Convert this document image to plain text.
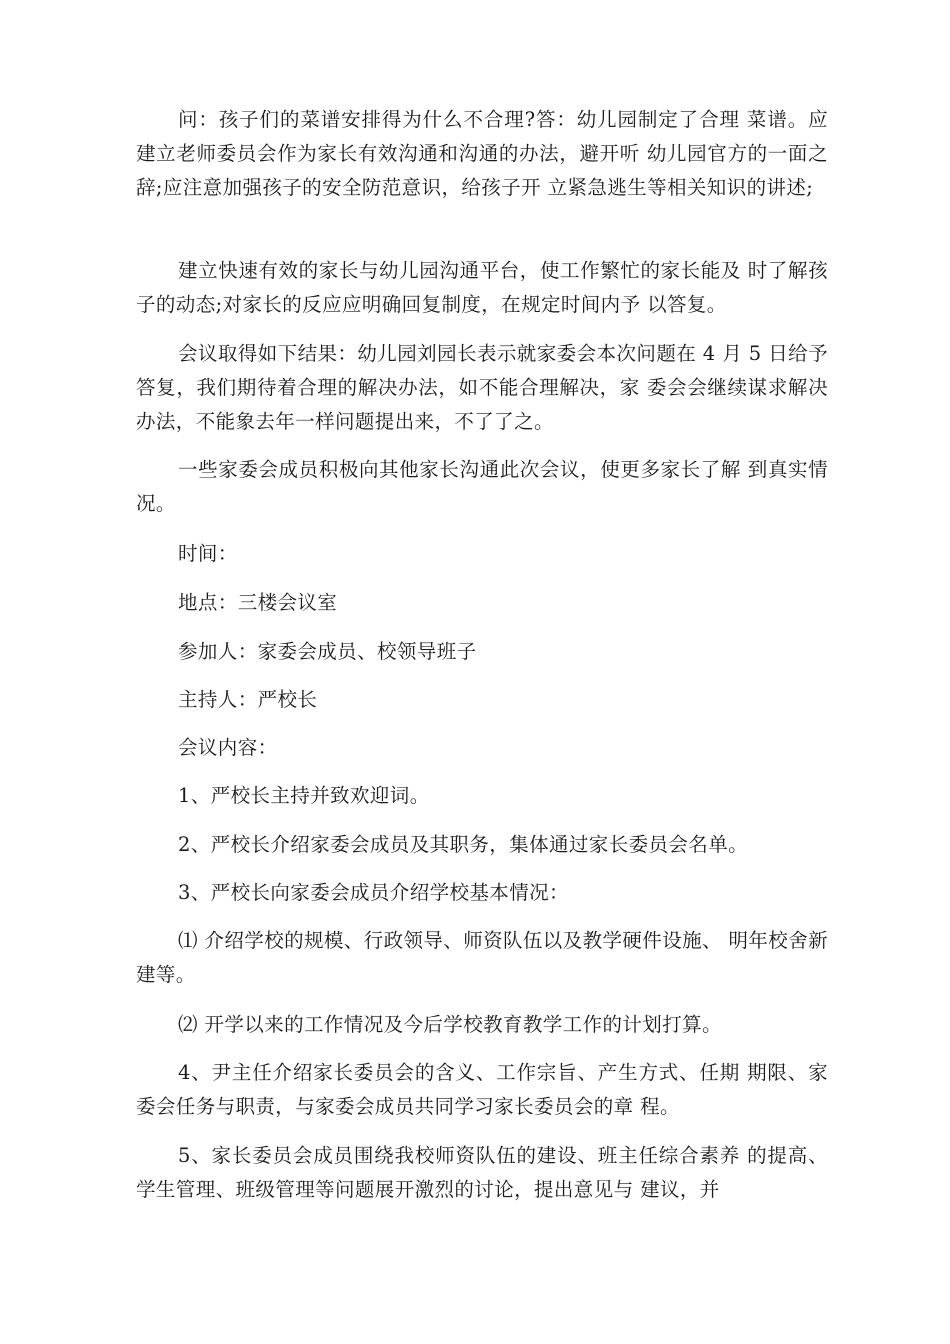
问：孩子们的菜谱安排得为什么不合理?答：幼儿园制定了合理 菜谱。应建立老师委员会作为家长有效沟通和沟通的办法，避开听 幼儿园官方的一面之辞;应注意加强孩子的安全防范意识，给孩子开 立紧急逃生等相关知识的讲述;

建立快速有效的家长与幼儿园沟通平台，使工作繁忙的家长能及 时了解孩子的动态;对家长的反应应明确回复制度，在规定时间内予 以答复。

会议取得如下结果：幼儿园刘园长表示就家委会本次问题在 4 月 5 日给予答复，我们期待着合理的解决办法，如不能合理解决，家 委会会继续谋求解决办法，不能象去年一样问题提出来，不了了之。

一些家委会成员积极向其他家长沟通此次会议，使更多家长了解 到真实情况。

时间：

地点：三楼会议室

参加人：家委会成员、校领导班子

主持人：严校长

会议内容：

1、严校长主持并致欢迎词。

2、严校长介绍家委会成员及其职务，集体通过家长委员会名单。

3、严校长向家委会成员介绍学校基本情况：

⑴ 介绍学校的规模、行政领导、师资队伍以及教学硬件设施、 明年校舍新建等。

⑵ 开学以来的工作情况及今后学校教育教学工作的计划打算。

4、尹主任介绍家长委员会的含义、工作宗旨、产生方式、任期 期限、家委会任务与职责，与家委会成员共同学习家长委员会的章 程。

5、家长委员会成员围绕我校师资队伍的建设、班主任综合素养 的提高、学生管理、班级管理等问题展开激烈的讨论，提出意见与 建议，并
